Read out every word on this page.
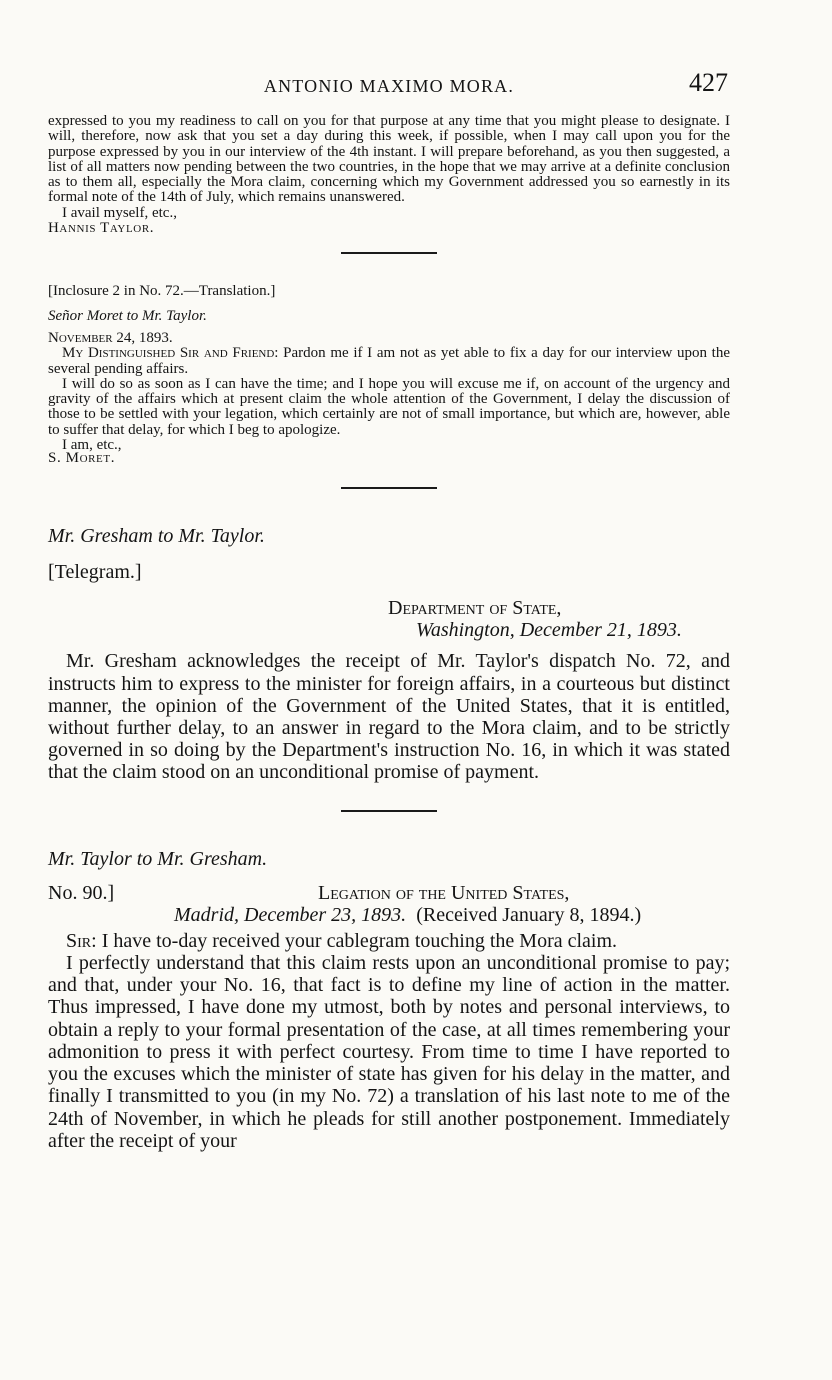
ANTONIO MAXIMO MORA.	427

expressed to you my readiness to call on you for that purpose at any time that you might please to designate. I will, therefore, now ask that you set a day during this week, if possible, when I may call upon you for the purpose expressed by you in our interview of the 4th instant. I will prepare beforehand, as you then suggested, a list of all matters now pending between the two countries, in the hope that we may arrive at a definite conclusion as to them all, especially the Mora claim, concerning which my Government addressed you so earnestly in its formal note of the 14th of July, which remains unanswered.

I avail myself, etc.,

Hannis Taylor.

[Inclosure 2 in No. 72.—Translation.]

Señor Moret to Mr. Taylor.

November 24, 1893.

My Distinguished Sir and Friend: Pardon me if I am not as yet able to fix a day for our interview upon the several pending affairs.

I will do so as soon as I can have the time; and I hope you will excuse me if, on account of the urgency and gravity of the affairs which at present claim the whole attention of the Government, I delay the discussion of those to be settled with your legation, which certainly are not of small importance, but which are, however, able to suffer that delay, for which I beg to apologize.

I am, etc.,

S. Moret.

Mr. Gresham to Mr. Taylor.

[Telegram.]

Department of State,

Washington, December 21, 1893.

Mr. Gresham acknowledges the receipt of Mr. Taylor's dispatch No. 72, and instructs him to express to the minister for foreign affairs, in a courteous but distinct manner, the opinion of the Government of the United States, that it is entitled, without further delay, to an answer in regard to the Mora claim, and to be strictly governed in so doing by the Department's instruction No. 16, in which it was stated that the claim stood on an unconditional promise of payment.

Mr. Taylor to Mr. Gresham.

No. 90.]	Legation of the United States,
Madrid, December 23, 1893. (Received January 8, 1894.)

Sir: I have to-day received your cablegram touching the Mora claim.

I perfectly understand that this claim rests upon an unconditional promise to pay; and that, under your No. 16, that fact is to define my line of action in the matter. Thus impressed, I have done my utmost, both by notes and personal interviews, to obtain a reply to your formal presentation of the case, at all times remembering your admonition to press it with perfect courtesy. From time to time I have reported to you the excuses which the minister of state has given for his delay in the matter, and finally I transmitted to you (in my No. 72) a translation of his last note to me of the 24th of November, in which he pleads for still another postponement. Immediately after the receipt of your
